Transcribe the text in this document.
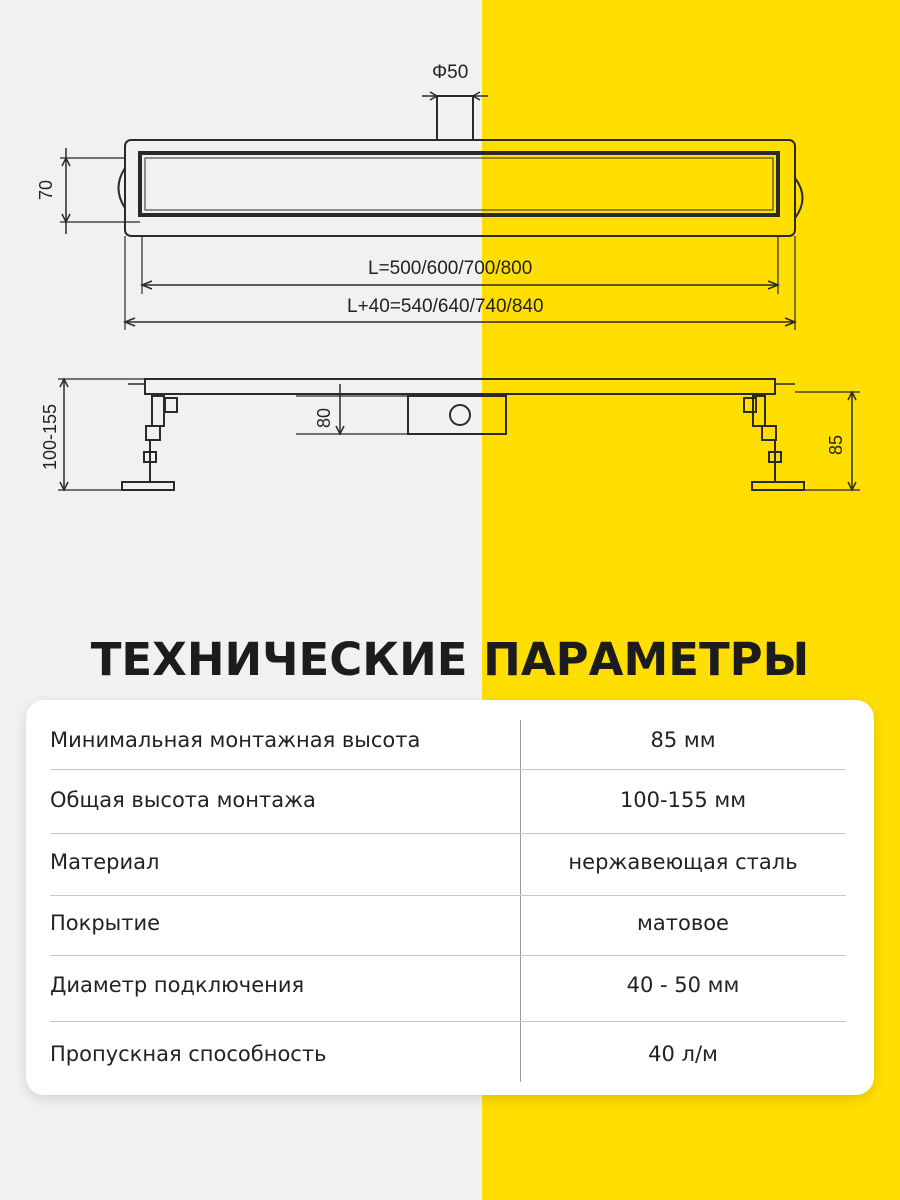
Φ50
70
L=500/600/700/800
L+40=540/640/740/840
100-155	80
85
ТЕХНИЧЕСКИЕ ПАРАМЕТРЫ
Минимальная монтажная высота	85 мм
Общая высота монтажа	100-155 мм
Материал	нержавеющая сталь
Покрытие	матовое
Диаметр подключения	40 - 50 мм
Пропускная способность	40 л/м
